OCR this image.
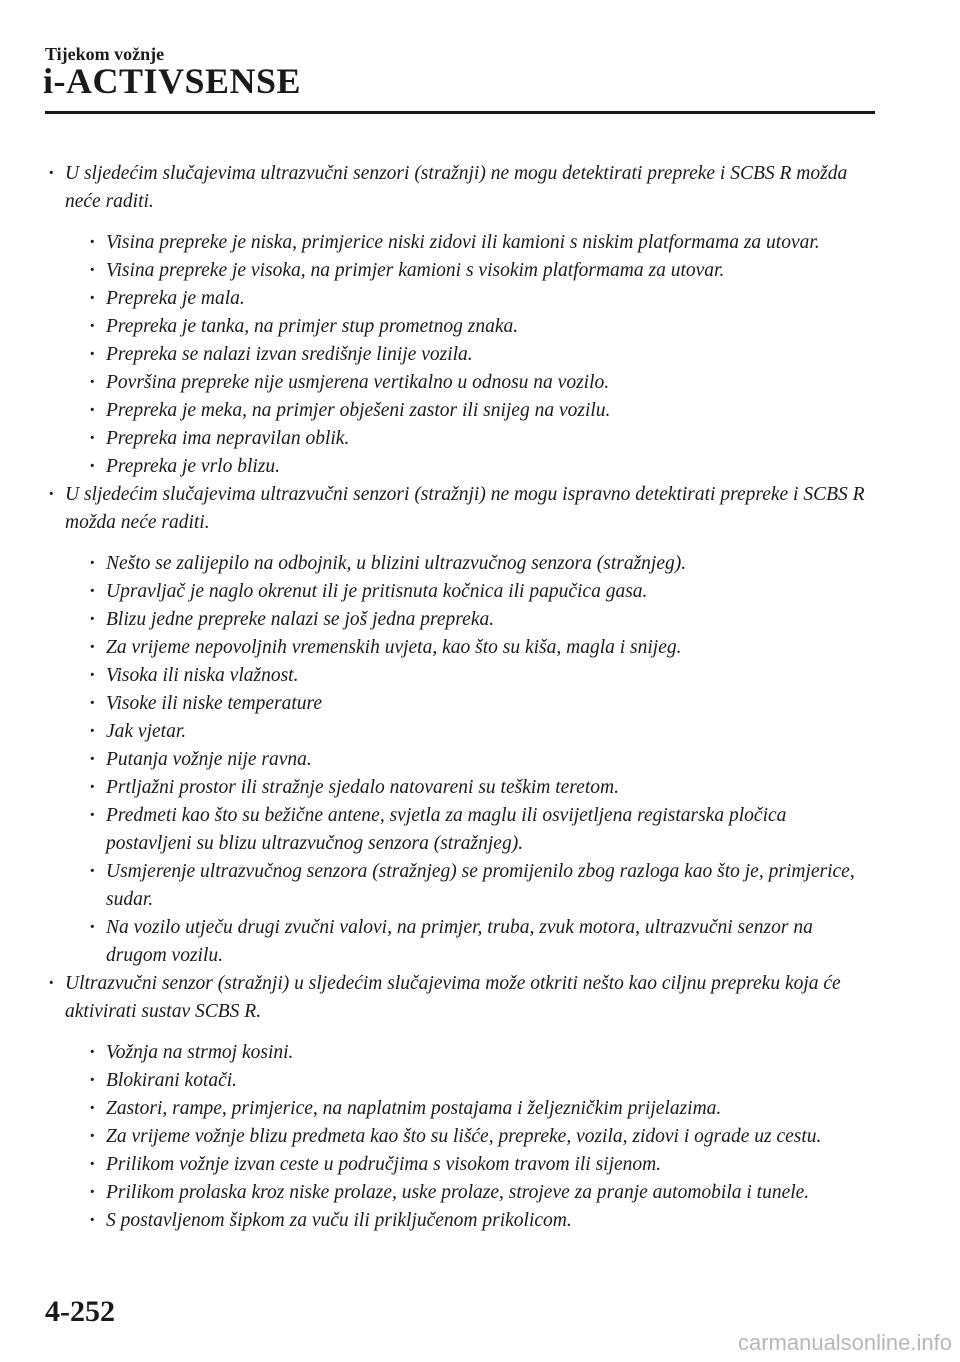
Tijekom vožnje
i-ACTIVSENSE
· U sljedećim slučajevima ultrazvučni senzori (stražnji) ne mogu detektirati prepreke i SCBS R možda neće raditi.
· Visina prepreke je niska, primjerice niski zidovi ili kamioni s niskim platformama za utovar.
· Visina prepreke je visoka, na primjer kamioni s visokim platformama za utovar.
· Prepreka je mala.
· Prepreka je tanka, na primjer stup prometnog znaka.
· Prepreka se nalazi izvan središnje linije vozila.
· Površina prepreke nije usmjerena vertikalno u odnosu na vozilo.
· Prepreka je meka, na primjer obješeni zastor ili snijeg na vozilu.
· Prepreka ima nepravilan oblik.
· Prepreka je vrlo blizu.
· U sljedećim slučajevima ultrazvučni senzori (stražnji) ne mogu ispravno detektirati prepreke i SCBS R možda neće raditi.
· Nešto se zalijepilo na odbojnik, u blizini ultrazvučnog senzora (stražnjeg).
· Upravljač je naglo okrenut ili je pritisnuta kočnica ili papučica gasa.
· Blizu jedne prepreke nalazi se još jedna prepreka.
· Za vrijeme nepovoljnih vremenskih uvjeta, kao što su kiša, magla i snijeg.
· Visoka ili niska vlažnost.
· Visoke ili niske temperature
· Jak vjetar.
· Putanja vožnje nije ravna.
· Prtljažni prostor ili stražnje sjedalo natovareni su teškim teretom.
· Predmeti kao što su bežične antene, svjetla za maglu ili osvijetljena registarska pločica postavljeni su blizu ultrazvučnog senzora (stražnjeg).
· Usmjerenje ultrazvučnog senzora (stražnjeg) se promijenilo zbog razloga kao što je, primjerice, sudar.
· Na vozilo utječu drugi zvučni valovi, na primjer, truba, zvuk motora, ultrazvučni senzor na drugom vozilu.
· Ultrazvučni senzor (stražnji) u sljedećim slučajevima može otkriti nešto kao ciljnu prepreku koja će aktivirati sustav SCBS R.
· Vožnja na strmoj kosini.
· Blokirani kotači.
· Zastori, rampe, primjerice, na naplatnim postajama i željezničkim prijelazima.
· Za vrijeme vožnje blizu predmeta kao što su lišće, prepreke, vozila, zidovi i ograde uz cestu.
· Prilikom vožnje izvan ceste u područjima s visokom travom ili sijenom.
· Prilikom prolaska kroz niske prolaze, uske prolaze, strojeve za pranje automobila i tunele.
· S postavljenom šipkom za vuču ili priključenom prikolicom.
4-252
carmanualsonline.info
